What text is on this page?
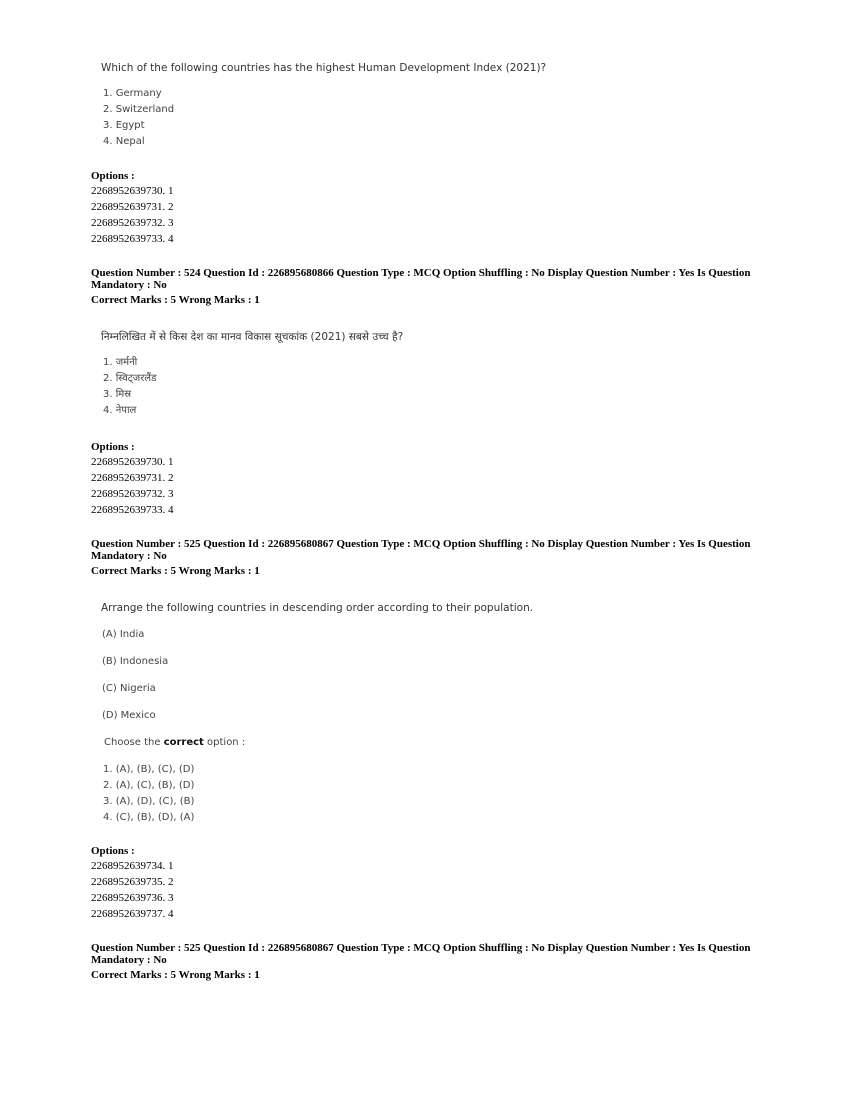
Which of the following countries has the highest Human Development Index (2021)?
1. Germany
2. Switzerland
3. Egypt
4. Nepal
Options :
2268952639730. 1
2268952639731. 2
2268952639732. 3
2268952639733. 4
Question Number : 524 Question Id : 226895680866 Question Type : MCQ Option Shuffling : No Display Question Number : Yes Is Question
Mandatory : No
Correct Marks : 5 Wrong Marks : 1
निम्नलिखित में से किस देश का मानव विकास सूचकांक (2021) सबसे उच्च है?
1. जर्मनी
2. स्विट्जरलैंड
3. मिस्र
4. नेपाल
Options :
2268952639730. 1
2268952639731. 2
2268952639732. 3
2268952639733. 4
Question Number : 525 Question Id : 226895680867 Question Type : MCQ Option Shuffling : No Display Question Number : Yes Is Question
Mandatory : No
Correct Marks : 5 Wrong Marks : 1
Arrange the following countries in descending order according to their population.
(A) India
(B) Indonesia
(C) Nigeria
(D) Mexico
Choose the correct option :
1. (A), (B), (C), (D)
2. (A), (C), (B), (D)
3. (A), (D), (C), (B)
4. (C), (B), (D), (A)
Options :
2268952639734. 1
2268952639735. 2
2268952639736. 3
2268952639737. 4
Question Number : 525 Question Id : 226895680867 Question Type : MCQ Option Shuffling : No Display Question Number : Yes Is Question
Mandatory : No
Correct Marks : 5 Wrong Marks : 1
